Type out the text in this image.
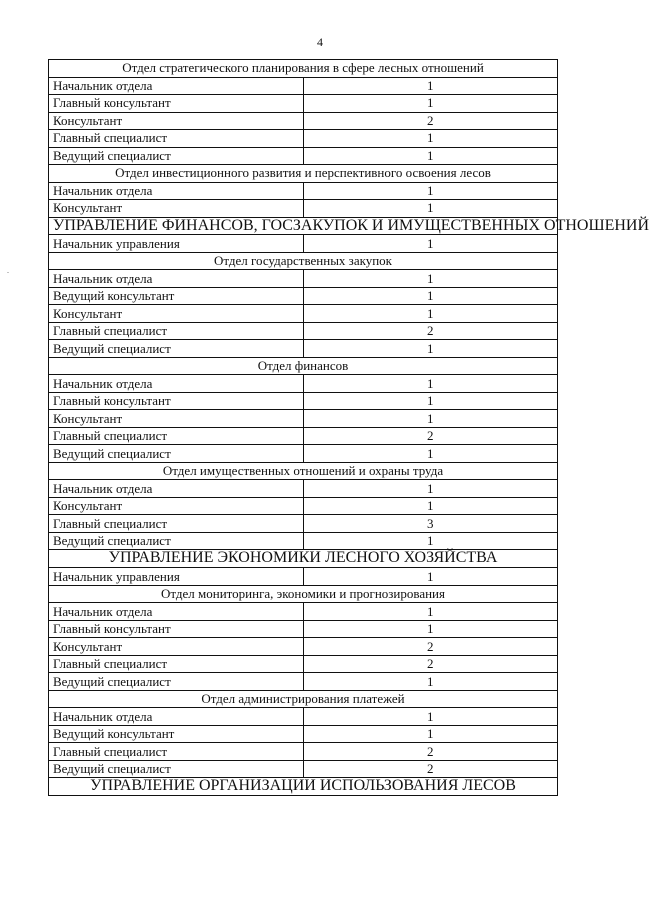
4
.
Отдел стратегического планирования в сфере лесных отношений	
Начальник отдела	1
Главный консультант	1
Консультант	2
Главный специалист	1
Ведущий специалист	1
Отдел инвестиционного развития и перспективного освоения лесов	
Начальник отдела	1
Консультант	1
УПРАВЛЕНИЕ ФИНАНСОВ, ГОСЗАКУПОК И ИМУЩЕСТВЕННЫХ ОТНОШЕНИЙ	
Начальник управления	1
Отдел государственных закупок	
Начальник отдела	1
Ведущий консультант	1
Консультант	1
Главный специалист	2
Ведущий специалист	1
Отдел финансов	
Начальник отдела	1
Главный консультант	1
Консультант	1
Главный специалист	2
Ведущий специалист	1
Отдел имущественных отношений и охраны труда	
Начальник отдела	1
Консультант	1
Главный специалист	3
Ведущий специалист	1
УПРАВЛЕНИЕ ЭКОНОМИКИ ЛЕСНОГО ХОЗЯЙСТВА	
Начальник управления	1
Отдел мониторинга, экономики и прогнозирования	
Начальник отдела	1
Главный консультант	1
Консультант	2
Главный специалист	2
Ведущий специалист	1
Отдел администрирования платежей	
Начальник отдела	1
Ведущий консультант	1
Главный специалист	2
Ведущий специалист	2
УПРАВЛЕНИЕ ОРГАНИЗАЦИИ ИСПОЛЬЗОВАНИЯ ЛЕСОВ	
